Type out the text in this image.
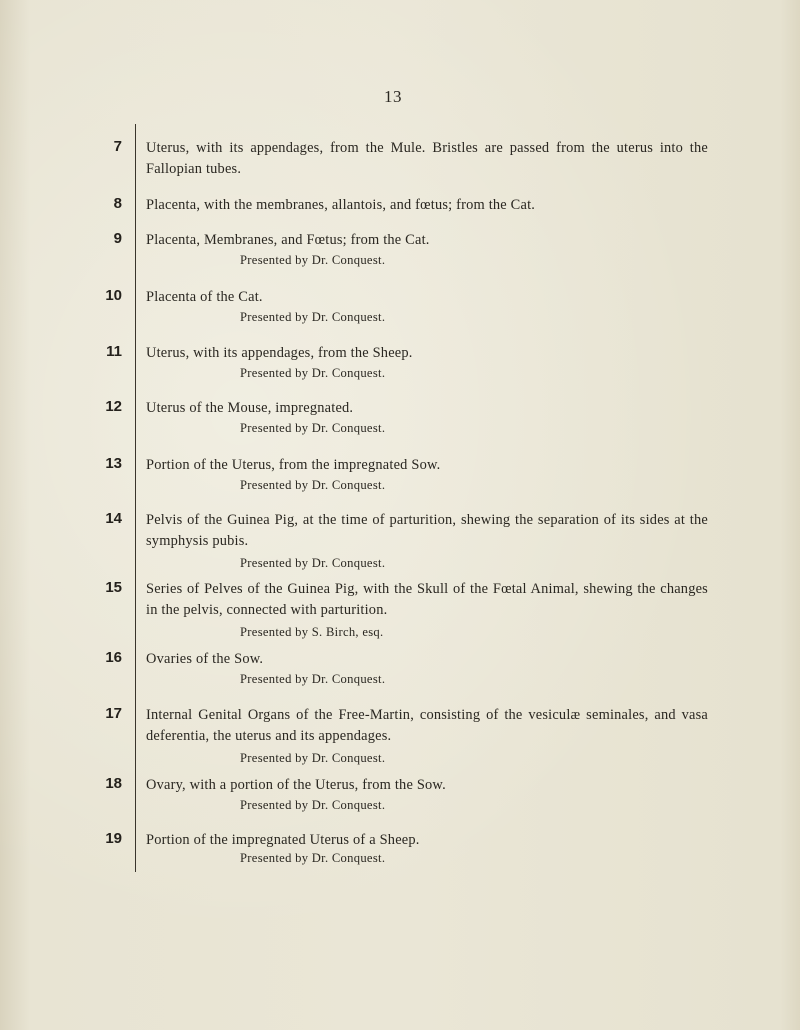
13
7 Uterus, with its appendages, from the Mule. Bristles are passed from the uterus into the Fallopian tubes.
8 Placenta, with the membranes, allantois, and fœtus; from the Cat.
9 Placenta, Membranes, and Fœtus; from the Cat.
Presented by Dr. Conquest.
10 Placenta of the Cat.
Presented by Dr. Conquest.
11 Uterus, with its appendages, from the Sheep.
Presented by Dr. Conquest.
12 Uterus of the Mouse, impregnated.
Presented by Dr. Conquest.
13 Portion of the Uterus, from the impregnated Sow.
Presented by Dr. Conquest.
14 Pelvis of the Guinea Pig, at the time of parturition, shewing the separation of its sides at the symphysis pubis.
Presented by Dr. Conquest.
15 Series of Pelves of the Guinea Pig, with the Skull of the Fœtal Animal, shewing the changes in the pelvis, connected with parturition.
Presented by S. Birch, esq.
16 Ovaries of the Sow.
Presented by Dr. Conquest.
17 Internal Genital Organs of the Free-Martin, consisting of the vesiculæ seminales, and vasa deferentia, the uterus and its appendages.
Presented by Dr. Conquest.
18 Ovary, with a portion of the Uterus, from the Sow.
Presented by Dr. Conquest.
19 Portion of the impregnated Uterus of a Sheep.
Presented by Dr. Conquest.
